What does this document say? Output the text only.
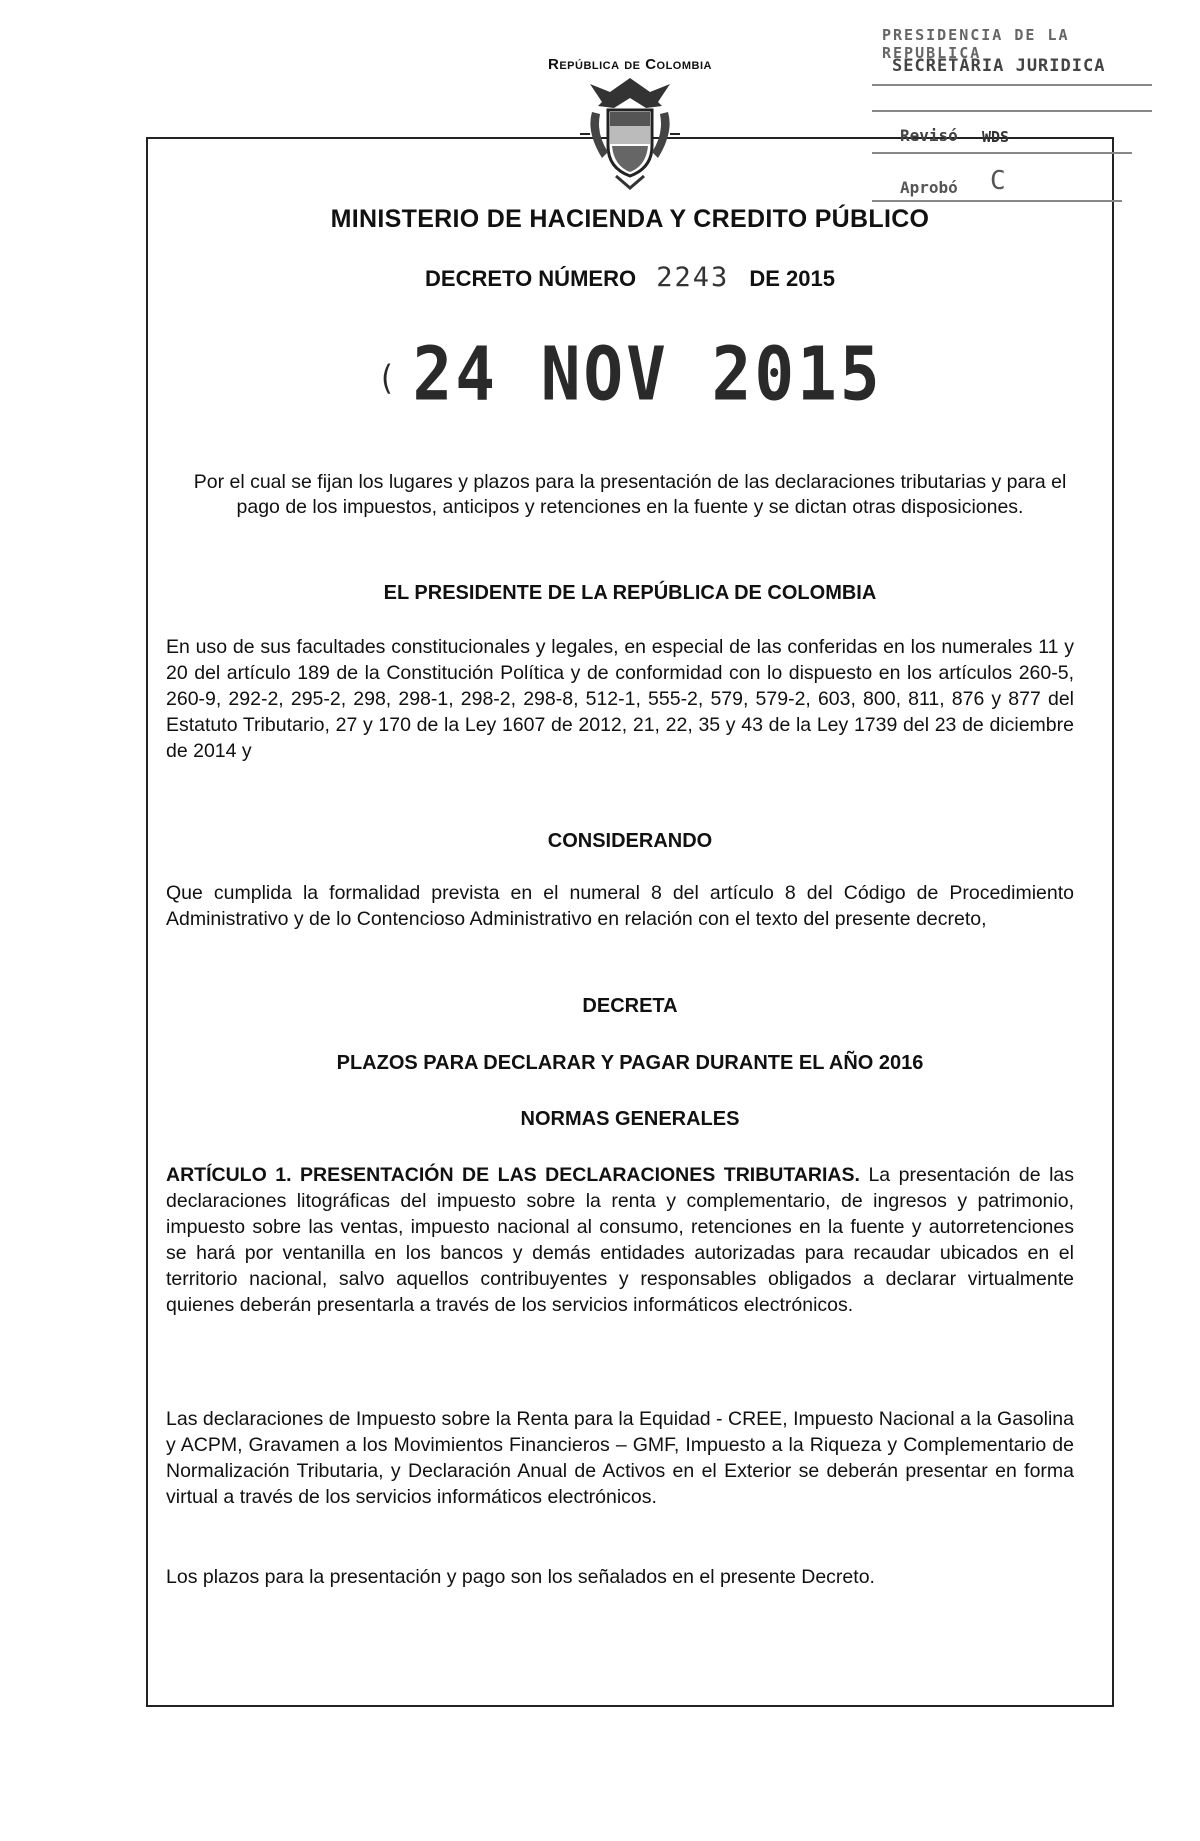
República de Colombia
PRESIDENCIA DE LA REPUBLICA
SECRETARIA JURIDICA
Revisó WDS
Aprobó C
MINISTERIO DE HACIENDA Y CREDITO PÚBLICO
DECRETO NÚMERO 2243 DE 2015
( 24 NOV 2015
Por el cual se fijan los lugares y plazos para la presentación de las declaraciones tributarias y para el pago de los impuestos, anticipos y retenciones en la fuente y se dictan otras disposiciones.
EL PRESIDENTE DE LA REPÚBLICA DE COLOMBIA
En uso de sus facultades constitucionales y legales, en especial de las conferidas en los numerales 11 y 20 del artículo 189 de la Constitución Política y de conformidad con lo dispuesto en los artículos 260-5, 260-9, 292-2, 295-2, 298, 298-1, 298-2, 298-8, 512-1, 555-2, 579, 579-2, 603, 800, 811, 876 y 877 del Estatuto Tributario, 27 y 170 de la Ley 1607 de 2012, 21, 22, 35 y 43 de la Ley 1739 del 23 de diciembre de 2014 y
CONSIDERANDO
Que cumplida la formalidad prevista en el numeral 8 del artículo 8 del Código de Procedimiento Administrativo y de lo Contencioso Administrativo en relación con el texto del presente decreto,
DECRETA
PLAZOS PARA DECLARAR Y PAGAR DURANTE EL AÑO 2016
NORMAS GENERALES
ARTÍCULO 1. PRESENTACIÓN DE LAS DECLARACIONES TRIBUTARIAS. La presentación de las declaraciones litográficas del impuesto sobre la renta y complementario, de ingresos y patrimonio, impuesto sobre las ventas, impuesto nacional al consumo, retenciones en la fuente y autorretenciones se hará por ventanilla en los bancos y demás entidades autorizadas para recaudar ubicados en el territorio nacional, salvo aquellos contribuyentes y responsables obligados a declarar virtualmente quienes deberán presentarla a través de los servicios informáticos electrónicos.
Las declaraciones de Impuesto sobre la Renta para la Equidad - CREE, Impuesto Nacional a la Gasolina y ACPM, Gravamen a los Movimientos Financieros – GMF, Impuesto a la Riqueza y Complementario de Normalización Tributaria, y Declaración Anual de Activos en el Exterior se deberán presentar en forma virtual a través de los servicios informáticos electrónicos.
Los plazos para la presentación y pago son los señalados en el presente Decreto.
